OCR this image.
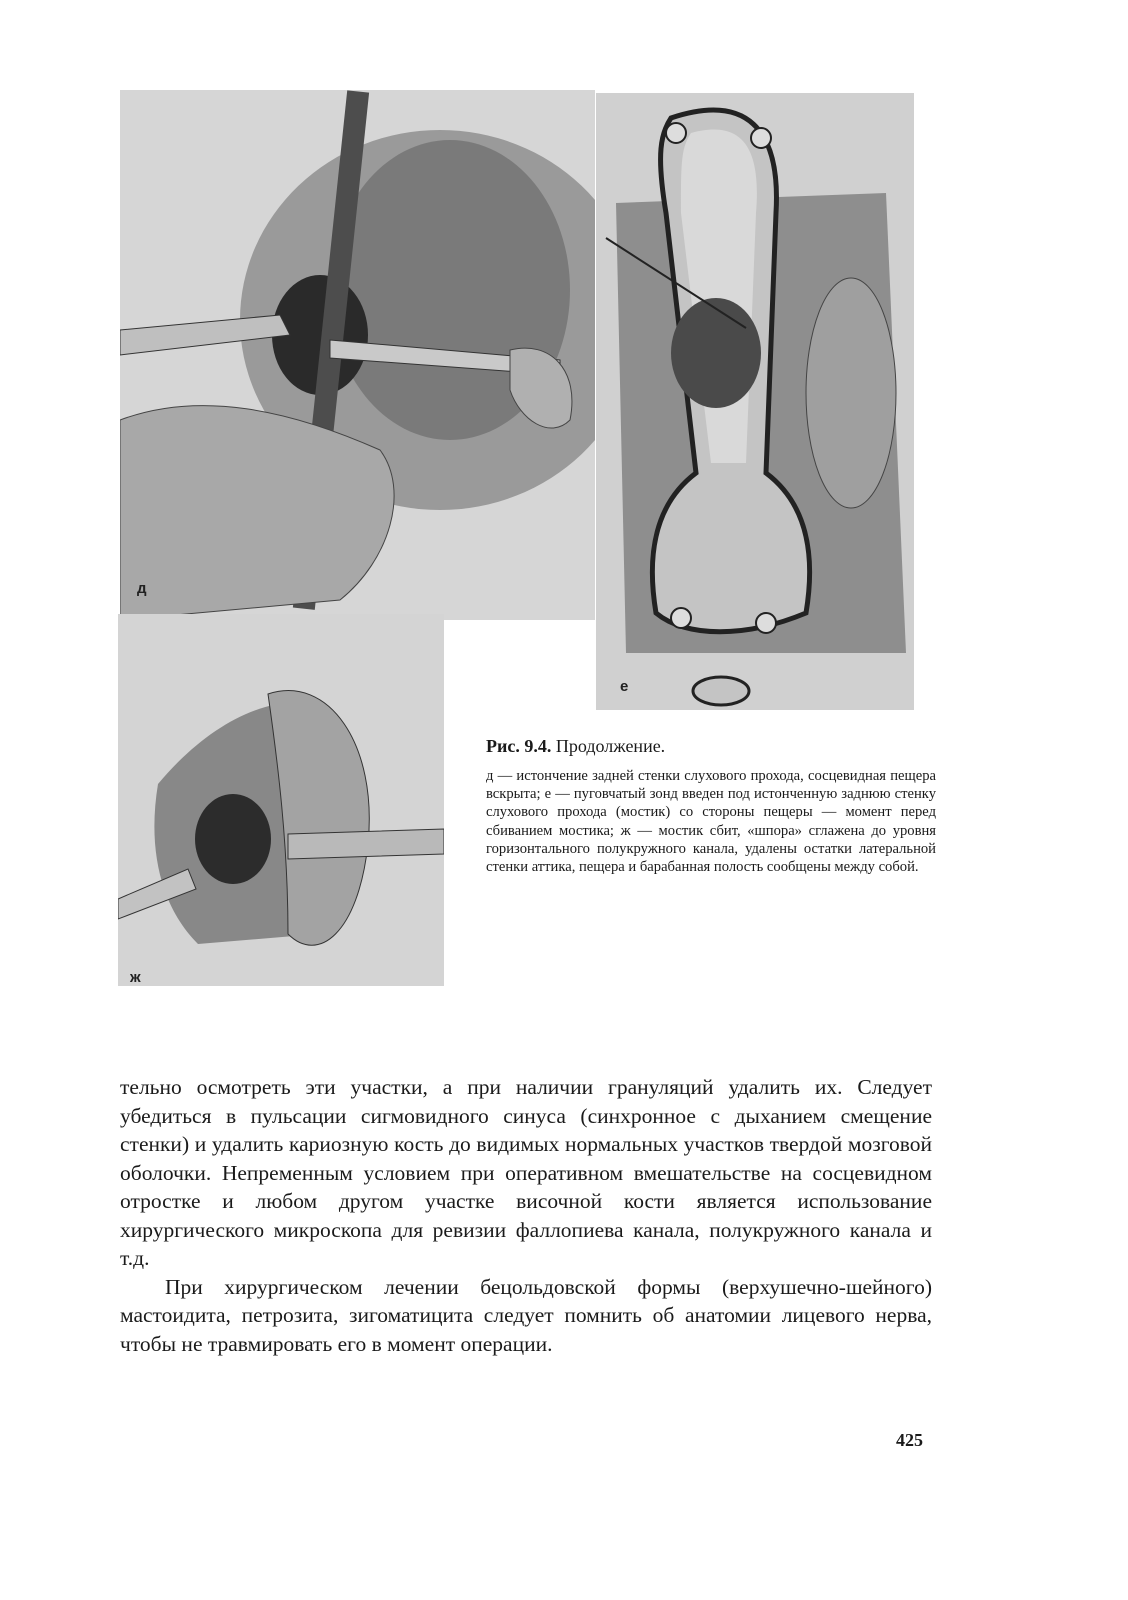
д
е
ж
Рис. 9.4. Продолжение.
д — истончение задней стенки слухового прохода, сосцевидная пещера вскрыта; е — пуговчатый зонд введен под истонченную заднюю стенку слухового прохода (мостик) со стороны пещеры — момент перед сбиванием мостика; ж — мостик сбит, «шпора» сглажена до уровня горизонтального полукружного канала, удалены остатки латеральной стенки аттика, пещера и барабанная полость сообщены между собой.

тельно осмотреть эти участки, а при наличии грануляций удалить их. Следует убедиться в пульсации сигмовидного синуса (синхронное с дыханием смещение стенки) и удалить кариозную кость до видимых нормальных участков твердой мозговой оболочки. Непременным условием при оперативном вмешательстве на сосцевидном отростке и любом другом участке височной кости является использование хирургического микроскопа для ревизии фаллопиева канала, полукружного канала и т.д.

При хирургическом лечении бецольдовской формы (верхушечно-шейного) мастоидита, петрозита, зигоматицита следует помнить об анатомии лицевого нерва, чтобы не травмировать его в момент операции.

425
